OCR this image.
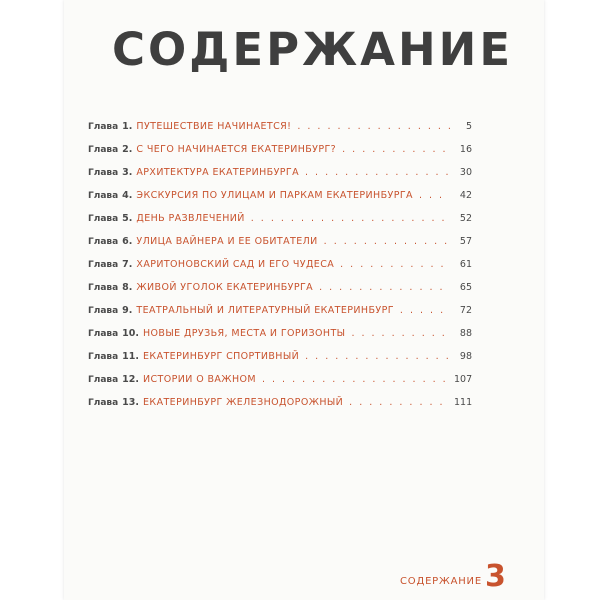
СОДЕРЖАНИЕ
Глава 1. ПУТЕШЕСТВИЕ НАЧИНАЕТСЯ! . . .	5
Глава 2. С ЧЕГО НАЧИНАЕТСЯ ЕКАТЕРИНБУРГ? . . .	16
Глава 3. АРХИТЕКТУРА ЕКАТЕРИНБУРГА . . .	30
Глава 4. ЭКСКУРСИЯ ПО УЛИЦАМ И ПАРКАМ ЕКАТЕРИНБУРГА . . .	42
Глава 5. ДЕНЬ РАЗВЛЕЧЕНИЙ . . .	52
Глава 6. УЛИЦА ВАЙНЕРА И ЕЕ ОБИТАТЕЛИ . . .	57
Глава 7. ХАРИТОНОВСКИЙ САД И ЕГО ЧУДЕСА . . .	61
Глава 8. ЖИВОЙ УГОЛОК ЕКАТЕРИНБУРГА . . .	65
Глава 9. ТЕАТРАЛЬНЫЙ И ЛИТЕРАТУРНЫЙ ЕКАТЕРИНБУРГ . . .	72
Глава 10. НОВЫЕ ДРУЗЬЯ, МЕСТА И ГОРИЗОНТЫ . . .	88
Глава 11. ЕКАТЕРИНБУРГ СПОРТИВНЫЙ . . .	98
Глава 12. ИСТОРИИ О ВАЖНОМ . . .	107
Глава 13. ЕКАТЕРИНБУРГ ЖЕЛЕЗНОДОРОЖНЫЙ . . .	111
СОДЕРЖАНИЕ 3
